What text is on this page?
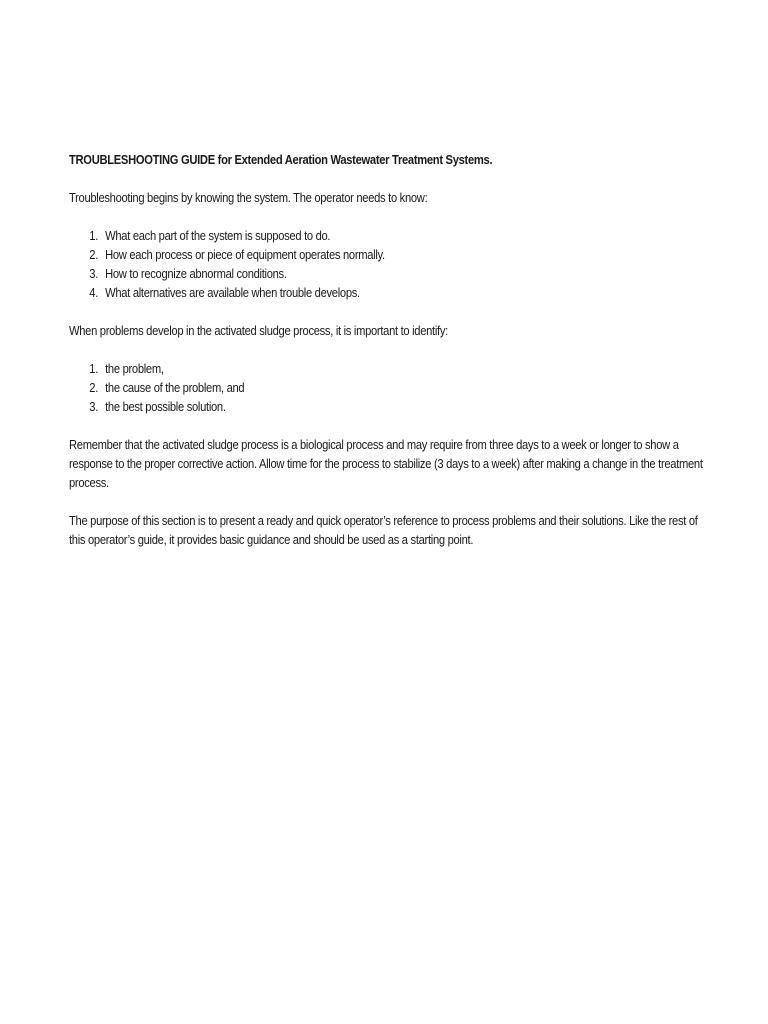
TROUBLESHOOTING GUIDE for Extended Aeration Wastewater Treatment Systems.

Troubleshooting begins by knowing the system. The operator needs to know:

1. What each part of the system is supposed to do.
2. How each process or piece of equipment operates normally.
3. How to recognize abnormal conditions.
4. What alternatives are available when trouble develops.

When problems develop in the activated sludge process, it is important to identify:

1. the problem,
2. the cause of the problem, and
3. the best possible solution.

Remember that the activated sludge process is a biological process and may require from three days to a week or longer to show a response to the proper corrective action. Allow time for the process to stabilize (3 days to a week) after making a change in the treatment process.

The purpose of this section is to present a ready and quick operator’s reference to process problems and their solutions. Like the rest of this operator’s guide, it provides basic guidance and should be used as a starting point.
